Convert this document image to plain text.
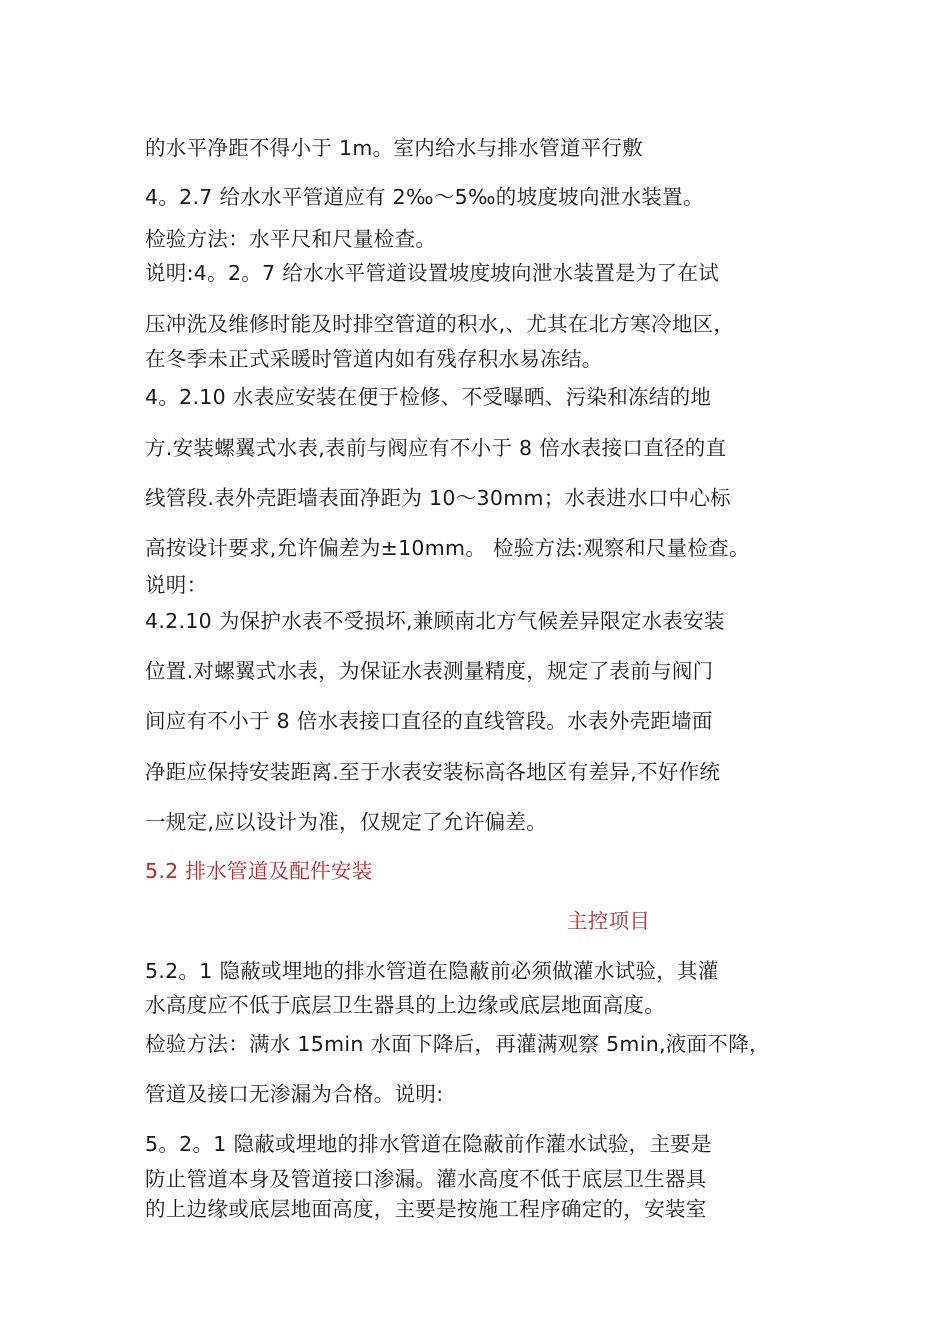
的水平净距不得小于 1m。室内给水与排水管道平行敷
4。2.7 给水水平管道应有 2‰～5‰的坡度坡向泄水装置。
检验方法：水平尺和尺量检查。
说明:4。2。7 给水水平管道设置坡度坡向泄水装置是为了在试
压冲洗及维修时能及时排空管道的积水,、尤其在北方寒冷地区，
在冬季未正式采暖时管道内如有残存积水易冻结。
4。2.10 水表应安装在便于检修、不受曝晒、污染和冻结的地
方.安装螺翼式水表,表前与阀应有不小于 8 倍水表接口直径的直
线管段.表外壳距墙表面净距为 10～30mm；水表进水口中心标
高按设计要求,允许偏差为±10mm。 检验方法:观察和尺量检查。
说明：
4.2.10 为保护水表不受损坏,兼顾南北方气候差异限定水表安装
位置.对螺翼式水表，为保证水表测量精度，规定了表前与阀门
间应有不小于 8 倍水表接口直径的直线管段。水表外壳距墙面
净距应保持安装距离.至于水表安装标高各地区有差异,不好作统
一规定,应以设计为准，仅规定了允许偏差。
5.2 排水管道及配件安装
主控项目
5.2。1 隐蔽或埋地的排水管道在隐蔽前必须做灌水试验，其灌
水高度应不低于底层卫生器具的上边缘或底层地面高度。
检验方法：满水 15min 水面下降后，再灌满观察 5min,液面不降，
管道及接口无渗漏为合格。说明:
5。2。1 隐蔽或埋地的排水管道在隐蔽前作灌水试验，主要是
防止管道本身及管道接口渗漏。灌水高度不低于底层卫生器具
的上边缘或底层地面高度，主要是按施工程序确定的，安装室
